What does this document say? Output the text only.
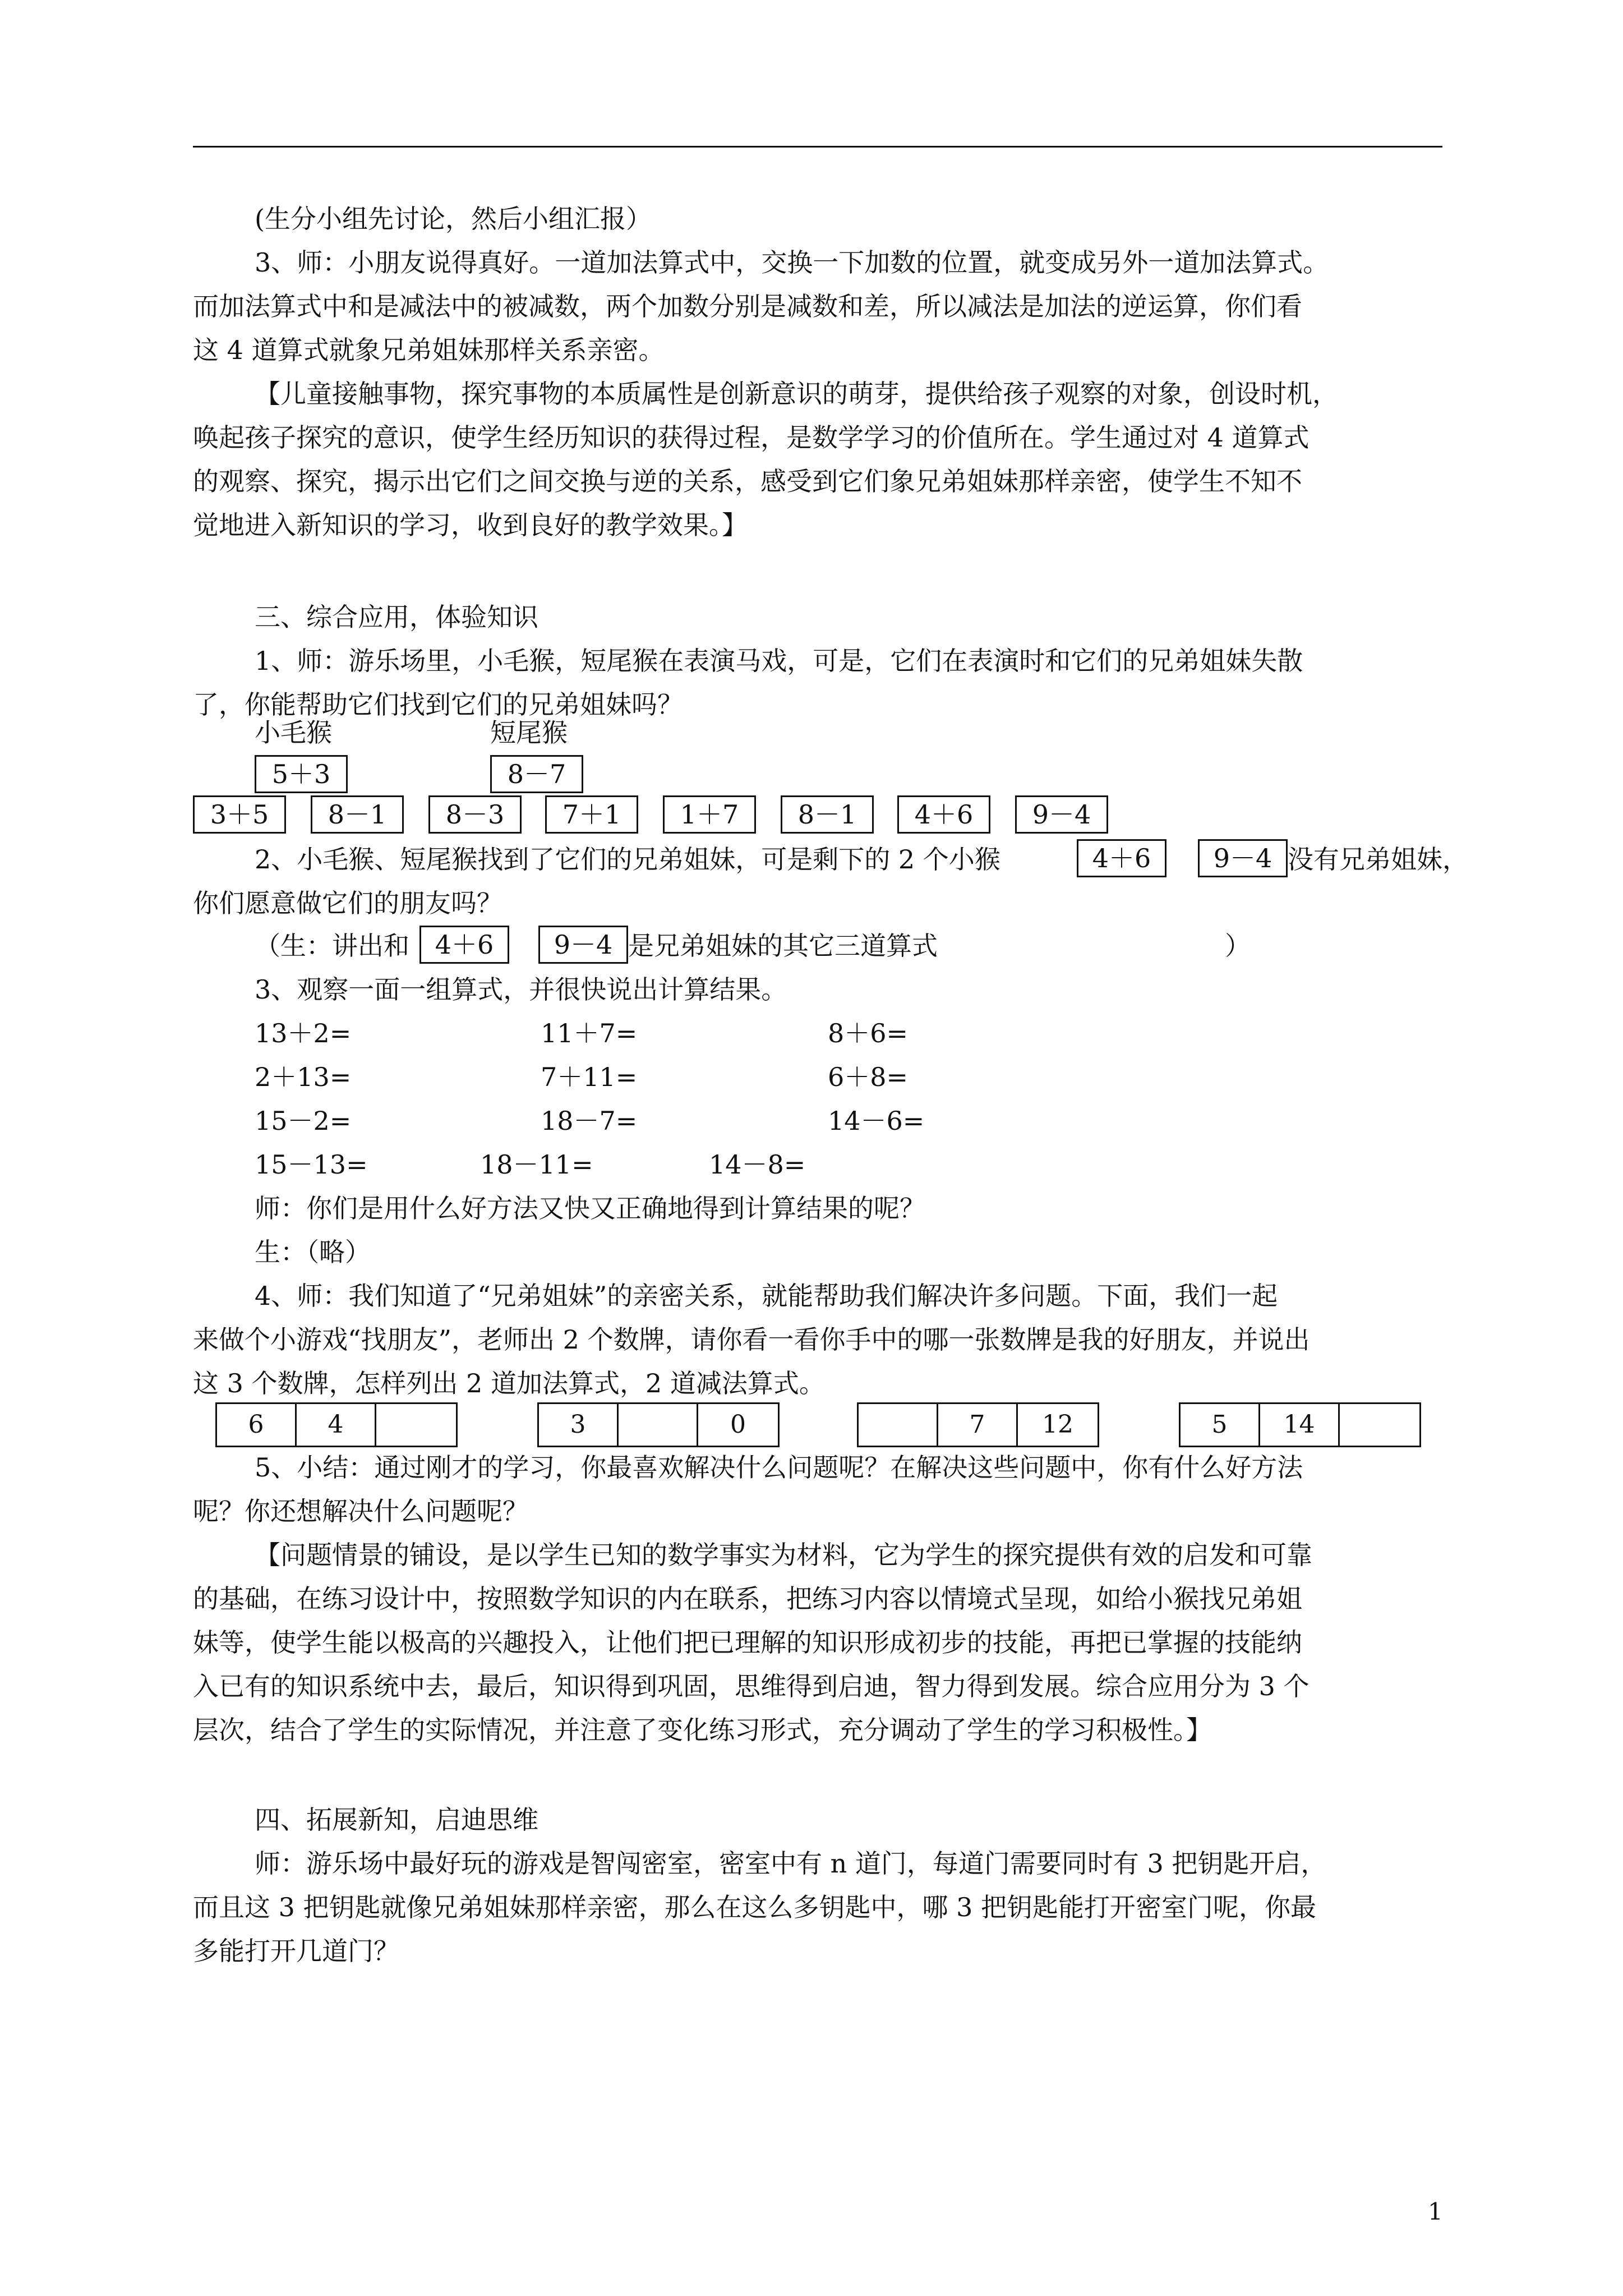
(生分小组先讨论，然后小组汇报）
3、师：小朋友说得真好。一道加法算式中，交换一下加数的位置，就变成另外一道加法算式。
而加法算式中和是减法中的被减数，两个加数分别是减数和差，所以减法是加法的逆运算，你们看
这 4 道算式就象兄弟姐妹那样关系亲密。
【儿童接触事物，探究事物的本质属性是创新意识的萌芽，提供给孩子观察的对象，创设时机，
唤起孩子探究的意识，使学生经历知识的获得过程，是数学学习的价值所在。学生通过对 4 道算式
的观察、探究，揭示出它们之间交换与逆的关系，感受到它们象兄弟姐妹那样亲密，使学生不知不
觉地进入新知识的学习，收到良好的教学效果。】
三、综合应用，体验知识
1、师：游乐场里，小毛猴，短尾猴在表演马戏，可是，它们在表演时和它们的兄弟姐妹失散
了，你能帮助它们找到它们的兄弟姐妹吗？
小毛猴	短尾猴
5＋3	8－7
3＋5	8－1	8－3	7＋1	1＋7	8－1	4＋6	9－4
2、小毛猴、短尾猴找到了它们的兄弟姐妹，可是剩下的 2 个小猴	4＋6	9－4 没有兄弟姐妹，
你们愿意做它们的朋友吗？
（生：讲出和 4＋6	9－4 是兄弟姐妹的其它三道算式	）
3、观察一面一组算式，并很快说出计算结果。
13＋2=	11＋7=	8＋6=
2＋13=	7＋11=	6＋8=
15－2=	18－7=	14－6=
15－13=	18－11=	14－8=
师：你们是用什么好方法又快又正确地得到计算结果的呢？
生：（略）
4、师：我们知道了“兄弟姐妹”的亲密关系，就能帮助我们解决许多问题。下面，我们一起
来做个小游戏“找朋友”，老师出 2 个数牌，请你看一看你手中的哪一张数牌是我的好朋友，并说出
这 3 个数牌，怎样列出 2 道加法算式，2 道减法算式。
6	4	3	0	7	12	5	14
5、小结：通过刚才的学习，你最喜欢解决什么问题呢？在解决这些问题中，你有什么好方法
呢？你还想解决什么问题呢？
【问题情景的铺设，是以学生已知的数学事实为材料，它为学生的探究提供有效的启发和可靠
的基础，在练习设计中，按照数学知识的内在联系，把练习内容以情境式呈现，如给小猴找兄弟姐
妹等，使学生能以极高的兴趣投入，让他们把已理解的知识形成初步的技能，再把已掌握的技能纳
入已有的知识系统中去，最后，知识得到巩固，思维得到启迪，智力得到发展。综合应用分为 3 个
层次，结合了学生的实际情况，并注意了变化练习形式，充分调动了学生的学习积极性。】
四、拓展新知，启迪思维
师：游乐场中最好玩的游戏是智闯密室，密室中有 n 道门，每道门需要同时有 3 把钥匙开启，
而且这 3 把钥匙就像兄弟姐妹那样亲密，那么在这么多钥匙中，哪 3 把钥匙能打开密室门呢，你最
多能打开几道门？
1
